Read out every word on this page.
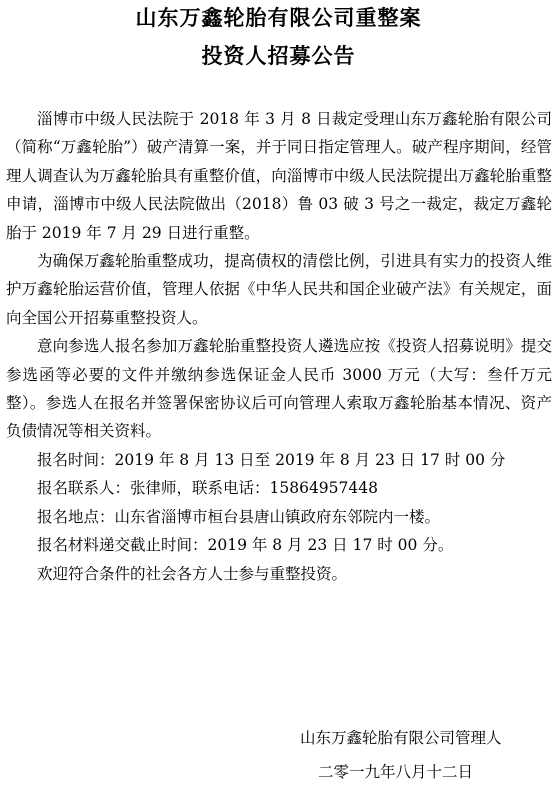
山东万鑫轮胎有限公司重整案
投资人招募公告

淄博市中级人民法院于 2018 年 3 月 8 日裁定受理山东万鑫轮胎有限公司（简称“万鑫轮胎”）破产清算一案，并于同日指定管理人。破产程序期间，经管理人调查认为万鑫轮胎具有重整价值，向淄博市中级人民法院提出万鑫轮胎重整申请，淄博市中级人民法院做出（2018）鲁 03 破 3 号之一裁定，裁定万鑫轮胎于 2019 年 7 月 29 日进行重整。

为确保万鑫轮胎重整成功，提高债权的清偿比例，引进具有实力的投资人维护万鑫轮胎运营价值，管理人依据《中华人民共和国企业破产法》有关规定，面向全国公开招募重整投资人。

意向参选人报名参加万鑫轮胎重整投资人遴选应按《投资人招募说明》提交参选函等必要的文件并缴纳参选保证金人民币 3000 万元（大写：叁仟万元整）。参选人在报名并签署保密协议后可向管理人索取万鑫轮胎基本情况、资产负债情况等相关资料。

报名时间：2019 年 8 月 13 日至 2019 年 8 月 23 日 17 时 00 分

报名联系人：张律师，联系电话：15864957448

报名地点：山东省淄博市桓台县唐山镇政府东邻院内一楼。

报名材料递交截止时间：2019 年 8 月 23 日 17 时 00 分。

欢迎符合条件的社会各方人士参与重整投资。

山东万鑫轮胎有限公司管理人
二零一九年八月十二日
